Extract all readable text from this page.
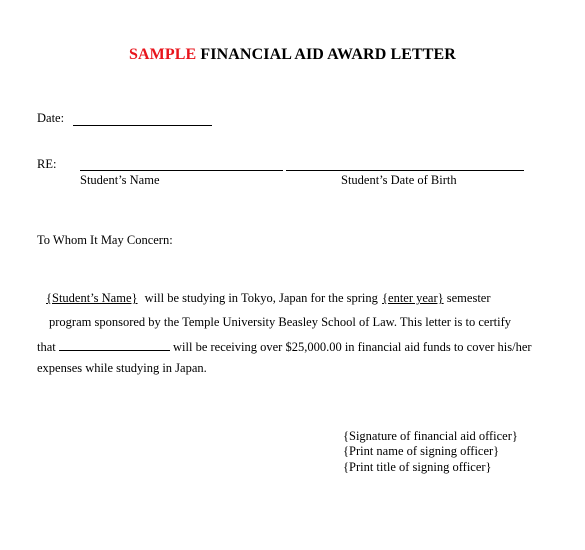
SAMPLE FINANCIAL AID AWARD LETTER
Date:
RE:
Student’s Name	Student’s Date of Birth
To Whom It May Concern:
{Student’s Name} will be studying in Tokyo, Japan for the spring {enter year} semester
program sponsored by the Temple University Beasley School of Law. This letter is to certify
that	will be receiving over $25,000.00 in financial aid funds to cover his/her
expenses while studying in Japan.
{Signature of financial aid officer}
{Print name of signing officer}
{Print title of signing officer}
